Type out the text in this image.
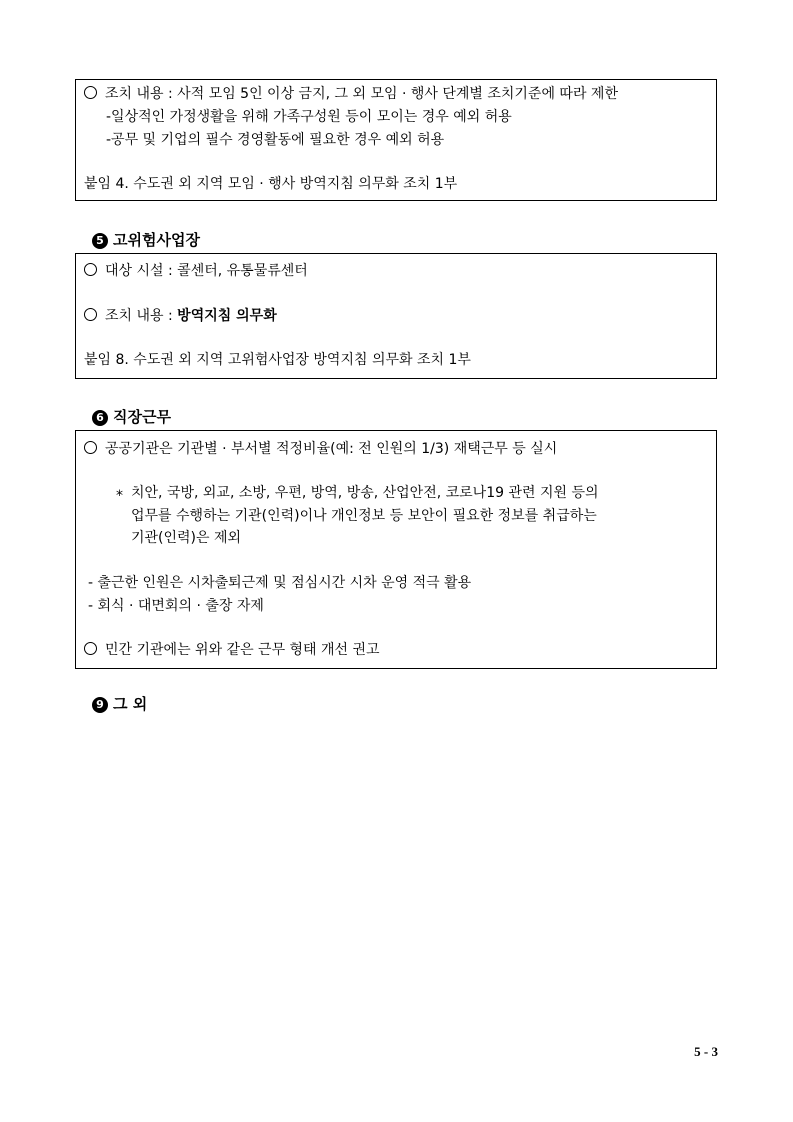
조치 내용 : 사적 모임 5인 이상 금지, 그 외 모임 · 행사 단계별 조치기준에 따라 제한
-일상적인 가정생활을 위해 가족구성원 등이 모이는 경우 예외 허용
-공무 및 기업의 필수 경영활동에 필요한 경우 예외 허용
붙임 4. 수도권 외 지역 모임 · 행사 방역지침 의무화 조치 1부
5 고위험사업장
대상 시설 : 콜센터, 유통물류센터
조치 내용 : 방역지침 의무화
붙임 8. 수도권 외 지역 고위험사업장 방역지침 의무화 조치 1부
6 직장근무
공공기관은 기관별 · 부서별 적정비율(예: 전 인원의 1/3) 재택근무 등 실시
* 치안, 국방, 외교, 소방, 우편, 방역, 방송, 산업안전, 코로나19 관련 지원 등의
업무를 수행하는 기관(인력)이나 개인정보 등 보안이 필요한 정보를 취급하는
기관(인력)은 제외
- 출근한 인원은 시차출퇴근제 및 점심시간 시차 운영 적극 활용
- 회식 · 대면회의 · 출장 자제
민간 기관에는 위와 같은 근무 형태 개선 권고
9 그 외
5 - 3
